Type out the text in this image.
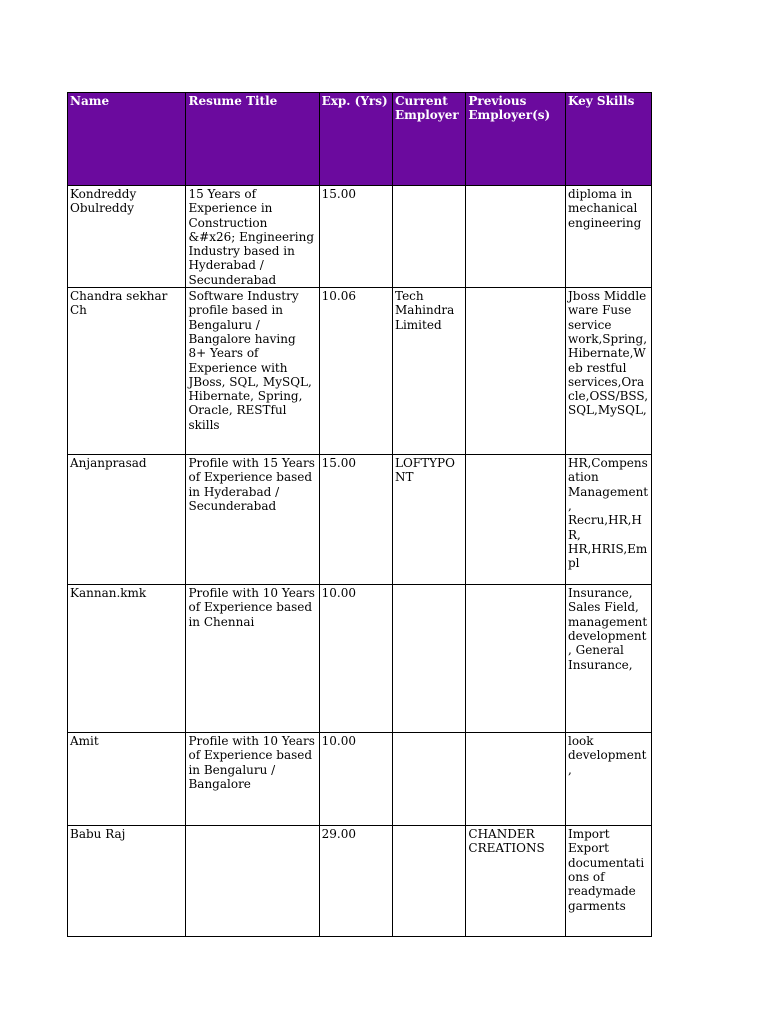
Name	Resume Title	Exp. (Yrs)	Current Employer	Previous Employer(s)	Key Skills
Kondreddy Obulreddy	15 Years of Experience in Construction &#x26; Engineering Industry based in Hyderabad / Secunderabad	15.00			diploma in mechanical engineering
Chandra sekhar Ch	Software Industry profile based in Bengaluru / Bangalore having 8+ Years of Experience with JBoss, SQL, MySQL, Hibernate, Spring, Oracle, RESTful skills	10.06	Tech Mahindra Limited		Jboss Middle ware Fuse service work,Spring, Hibernate,Web restful services,Oracle,OSS/BSS,SQL,MySQL,
Anjanprasad	Profile with 15 Years of Experience based in Hyderabad / Secunderabad	15.00	LOFTYPONT		HR,Compensation Management, Recru,HR,HR, HR,HRIS,Empl
Kannan.kmk	Profile with 10 Years of Experience based in Chennai	10.00			Insurance, Sales Field, management development, General Insurance,
Amit	Profile with 10 Years of Experience based in Bengaluru / Bangalore	10.00			look development,
Babu Raj		29.00		CHANDER CREATIONS	Import Export documentations of readymade garments
